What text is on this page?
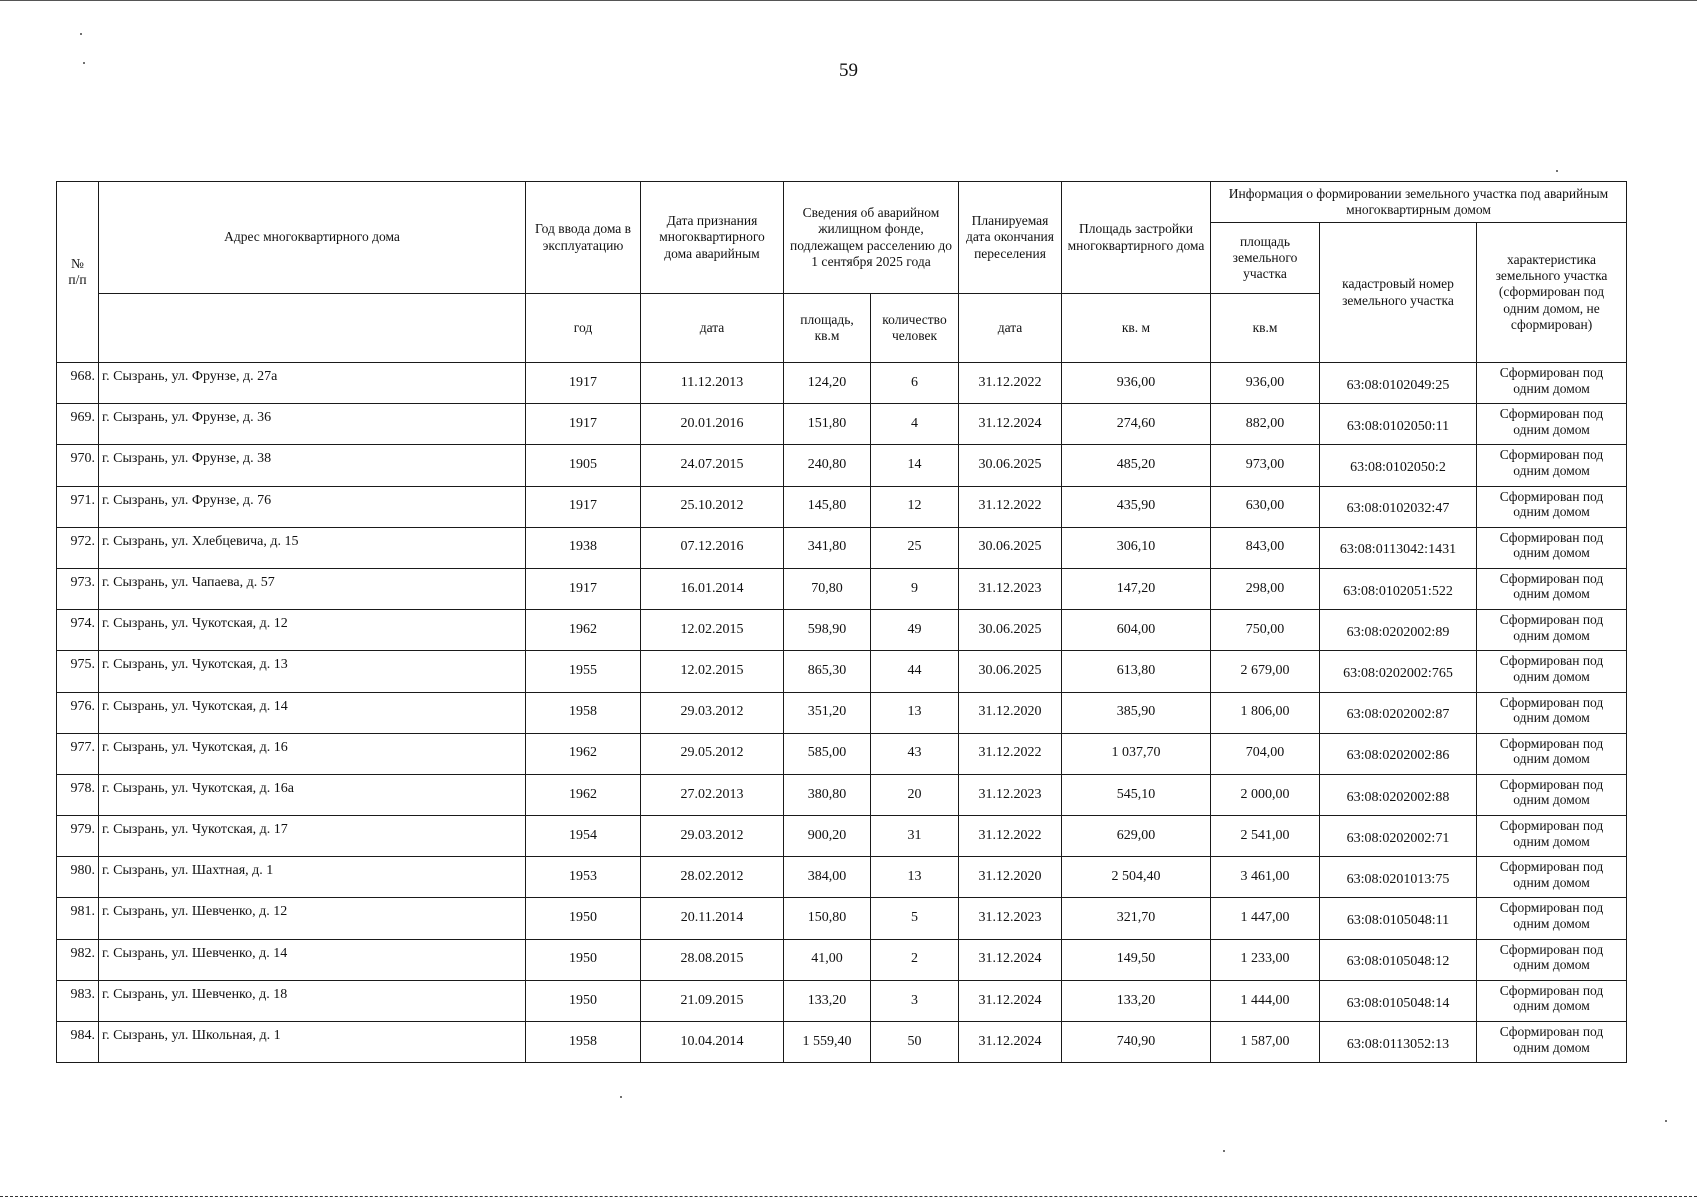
59
№
п/п	Адрес многоквартирного дома	Год ввода дома в эксплуатацию	Дата признания многоквартирного дома аварийным	Сведения об аварийном жилищном фонде, подлежащем расселению до 1 сентября 2025 года		Планируемая дата окончания переселения	Площадь застройки многоквартирного дома	Информация о формировании земельного участка под аварийным многоквартирным домом		
								площадь земельного участка	кадастровый номер земельного участка	характеристика земельного участка (сформирован под одним домом, не сформирован)
		год	дата	площадь, кв.м	количество человек	дата	кв. м	кв.м		
968.	г. Сызрань, ул. Фрунзе, д. 27а	1917	11.12.2013	124,20	6	31.12.2022	936,00	936,00	63:08:0102049:25	Сформирован под одним домом
969.	г. Сызрань, ул. Фрунзе, д. 36	1917	20.01.2016	151,80	4	31.12.2024	274,60	882,00	63:08:0102050:11	Сформирован под одним домом
970.	г. Сызрань, ул. Фрунзе, д. 38	1905	24.07.2015	240,80	14	30.06.2025	485,20	973,00	63:08:0102050:2	Сформирован под одним домом
971.	г. Сызрань, ул. Фрунзе, д. 76	1917	25.10.2012	145,80	12	31.12.2022	435,90	630,00	63:08:0102032:47	Сформирован под одним домом
972.	г. Сызрань, ул. Хлебцевича, д. 15	1938	07.12.2016	341,80	25	30.06.2025	306,10	843,00	63:08:0113042:1431	Сформирован под одним домом
973.	г. Сызрань, ул. Чапаева, д. 57	1917	16.01.2014	70,80	9	31.12.2023	147,20	298,00	63:08:0102051:522	Сформирован под одним домом
974.	г. Сызрань, ул. Чукотская, д. 12	1962	12.02.2015	598,90	49	30.06.2025	604,00	750,00	63:08:0202002:89	Сформирован под одним домом
975.	г. Сызрань, ул. Чукотская, д. 13	1955	12.02.2015	865,30	44	30.06.2025	613,80	2 679,00	63:08:0202002:765	Сформирован под одним домом
976.	г. Сызрань, ул. Чукотская, д. 14	1958	29.03.2012	351,20	13	31.12.2020	385,90	1 806,00	63:08:0202002:87	Сформирован под одним домом
977.	г. Сызрань, ул. Чукотская, д. 16	1962	29.05.2012	585,00	43	31.12.2022	1 037,70	704,00	63:08:0202002:86	Сформирован под одним домом
978.	г. Сызрань, ул. Чукотская, д. 16а	1962	27.02.2013	380,80	20	31.12.2023	545,10	2 000,00	63:08:0202002:88	Сформирован под одним домом
979.	г. Сызрань, ул. Чукотская, д. 17	1954	29.03.2012	900,20	31	31.12.2022	629,00	2 541,00	63:08:0202002:71	Сформирован под одним домом
980.	г. Сызрань, ул. Шахтная, д. 1	1953	28.02.2012	384,00	13	31.12.2020	2 504,40	3 461,00	63:08:0201013:75	Сформирован под одним домом
981.	г. Сызрань, ул. Шевченко, д. 12	1950	20.11.2014	150,80	5	31.12.2023	321,70	1 447,00	63:08:0105048:11	Сформирован под одним домом
982.	г. Сызрань, ул. Шевченко, д. 14	1950	28.08.2015	41,00	2	31.12.2024	149,50	1 233,00	63:08:0105048:12	Сформирован под одним домом
983.	г. Сызрань, ул. Шевченко, д. 18	1950	21.09.2015	133,20	3	31.12.2024	133,20	1 444,00	63:08:0105048:14	Сформирован под одним домом
984.	г. Сызрань, ул. Школьная, д. 1	1958	10.04.2014	1 559,40	50	31.12.2024	740,90	1 587,00	63:08:0113052:13	Сформирован под одним домом
